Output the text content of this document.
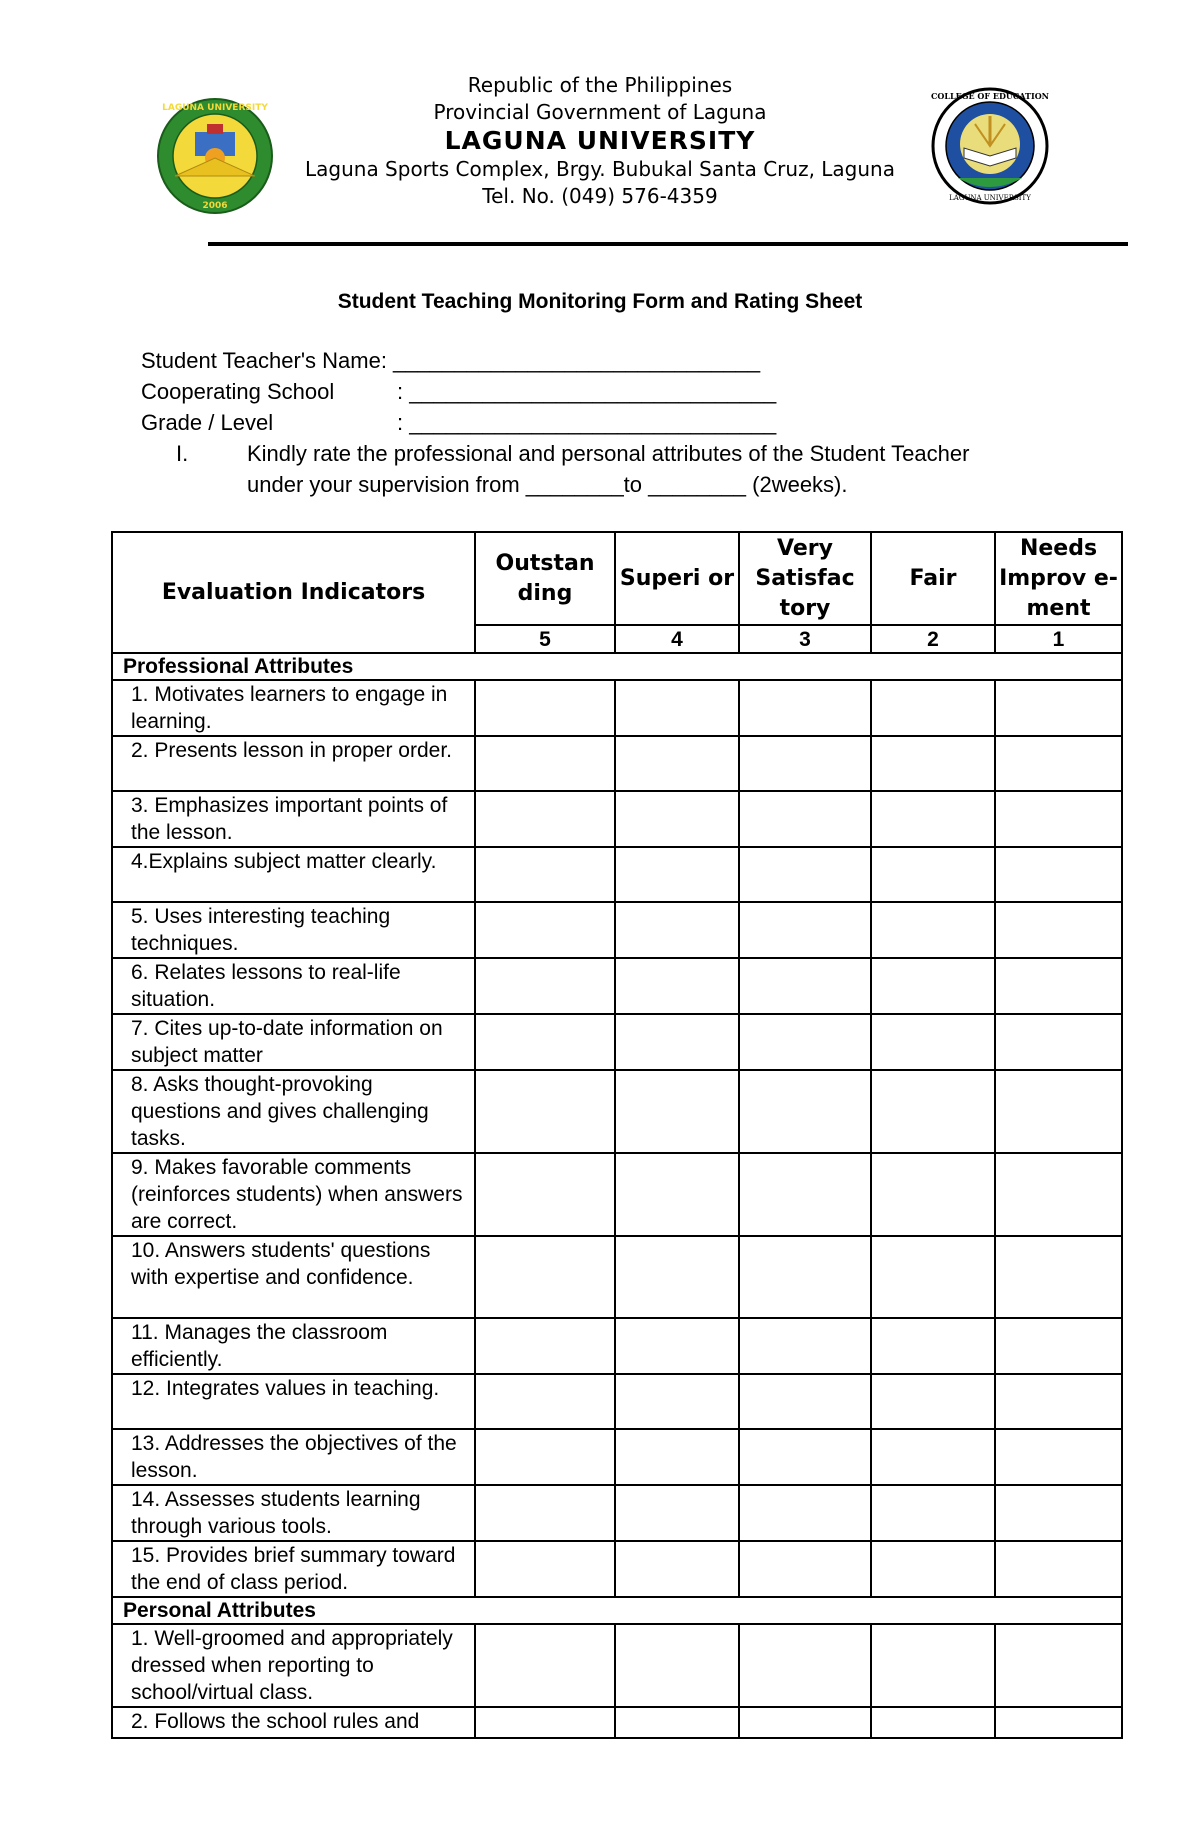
LAGUNA UNIVERSITY
2006
COLLEGE OF EDUCATION
LAGUNA UNIVERSITY
Republic of the Philippines
Provincial Government of Laguna
LAGUNA UNIVERSITY
Laguna Sports Complex, Brgy. Bubukal Santa Cruz, Laguna
Tel. No. (049) 576-4359
Student Teaching Monitoring Form and Rating Sheet
Student Teacher's Name: ______________________________
Cooperating School	: ______________________________
Grade / Level	: ______________________________
I.	Kindly rate the professional and personal attributes of the Student Teacher
under your supervision from ________to ________ (2weeks).
Evaluation Indicators	Outstan ding	Superi or	Very Satisfac tory	Fair	Needs Improv e-ment
	5	4	3	2	1
Professional Attributes					
1. Motivates learners to engage in learning.					
2. Presents lesson in proper order.					
3. Emphasizes important points of the lesson.					
4.Explains subject matter clearly.					
5. Uses interesting teaching techniques.					
6. Relates lessons to real-life situation.					
7. Cites up-to-date information on subject matter					
8. Asks thought-provoking questions and gives challenging tasks.					
9. Makes favorable comments (reinforces students) when answers are correct.					
10. Answers students' questions with expertise and confidence.					
11. Manages the classroom efficiently.					
12. Integrates values in teaching.					
13. Addresses the objectives of the lesson.					
14. Assesses students learning through various tools.					
15. Provides brief summary toward the end of class period.					
Personal Attributes					
1. Well-groomed and appropriately dressed when reporting to school/virtual class.					
2. Follows the school rules and					
